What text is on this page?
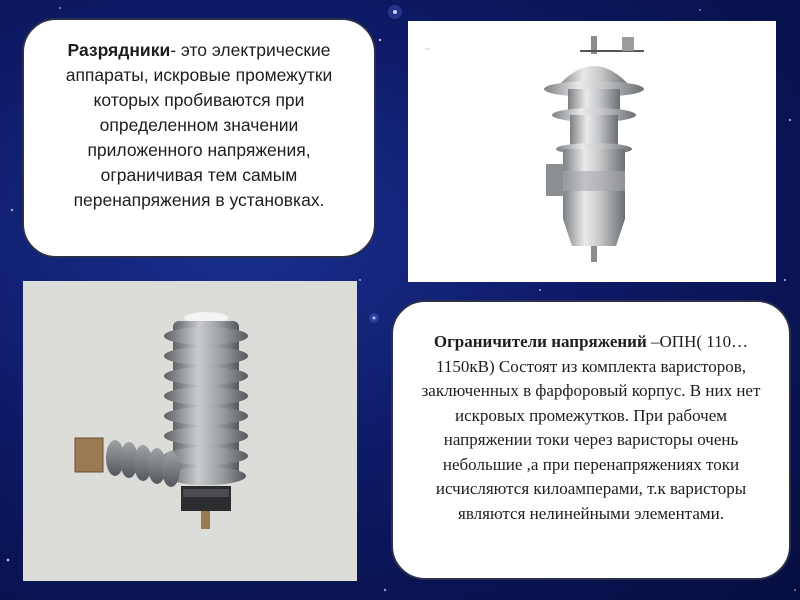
Разрядники- это электрические аппараты, искровые промежутки которых пробиваются при определенном значении приложенного напряжения, ограничивая тем самым перенапряжения в установках.
Ограничители напряжений –ОПН( 110…1150кВ) Состоят из комплекта варисторов, заключенных в фарфоровый корпус. В них нет искровых промежутков. При рабочем напряжении токи через варисторы очень небольшие ,а при перенапряжениях токи исчисляются килоамперами, т.к варисторы являются нелинейными элементами.
